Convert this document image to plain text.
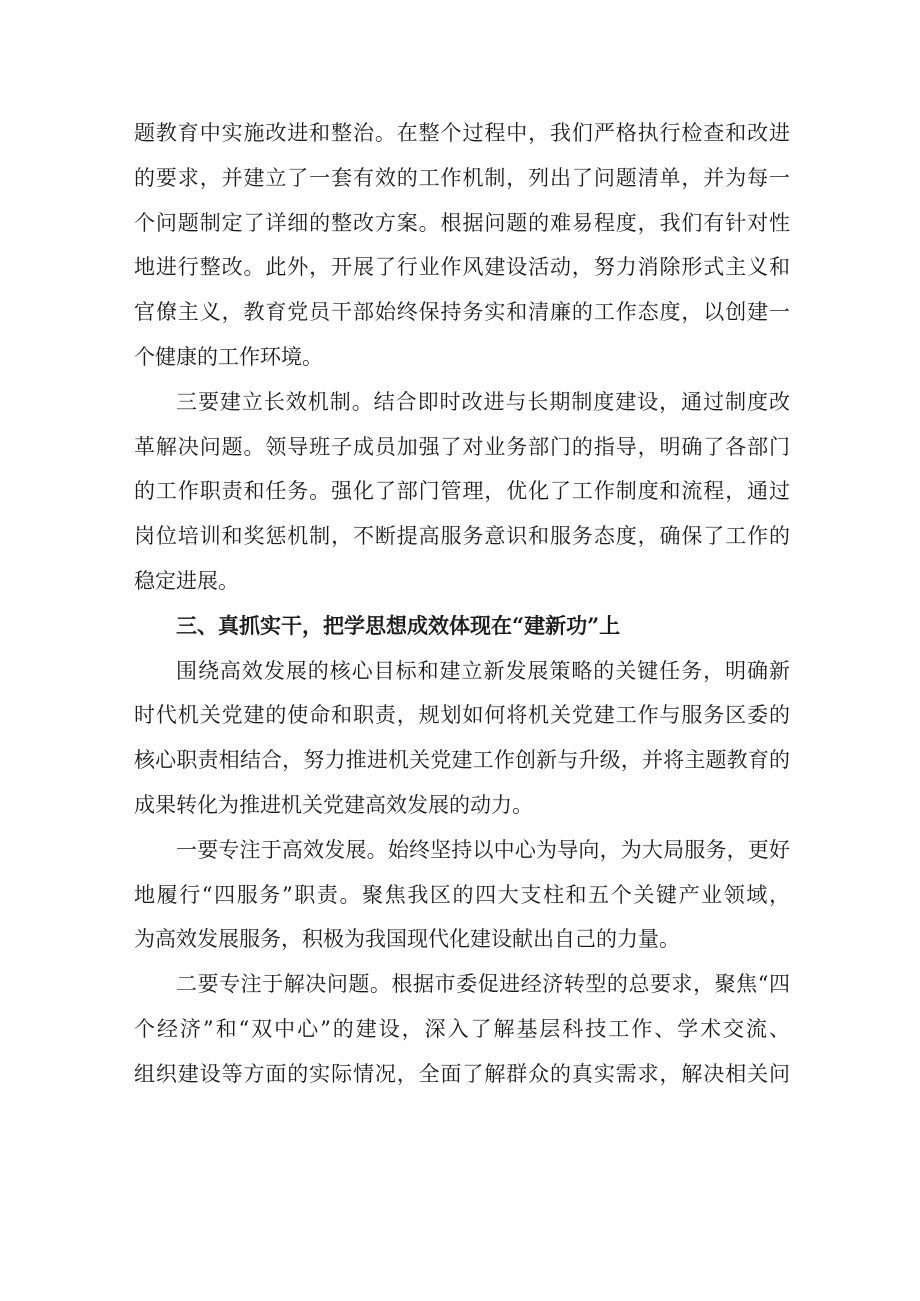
题教育中实施改进和整治。在整个过程中，我们严格执行检查和改进
的要求，并建立了一套有效的工作机制，列出了问题清单，并为每一
个问题制定了详细的整改方案。根据问题的难易程度，我们有针对性
地进行整改。此外，开展了行业作风建设活动，努力消除形式主义和
官僚主义，教育党员干部始终保持务实和清廉的工作态度，以创建一
个健康的工作环境。
三要建立长效机制。结合即时改进与长期制度建设，通过制度改
革解决问题。领导班子成员加强了对业务部门的指导，明确了各部门
的工作职责和任务。强化了部门管理，优化了工作制度和流程，通过
岗位培训和奖惩机制，不断提高服务意识和服务态度，确保了工作的
稳定进展。
三、真抓实干，把学思想成效体现在“建新功”上
围绕高效发展的核心目标和建立新发展策略的关键任务，明确新
时代机关党建的使命和职责，规划如何将机关党建工作与服务区委的
核心职责相结合，努力推进机关党建工作创新与升级，并将主题教育的
成果转化为推进机关党建高效发展的动力。
一要专注于高效发展。始终坚持以中心为导向，为大局服务，更好
地履行“四服务”职责。聚焦我区的四大支柱和五个关键产业领域，
为高效发展服务，积极为我国现代化建设献出自己的力量。
二要专注于解决问题。根据市委促进经济转型的总要求，聚焦“四
个经济”和“双中心”的建设，深入了解基层科技工作、学术交流、
组织建设等方面的实际情况，全面了解群众的真实需求，解决相关问
